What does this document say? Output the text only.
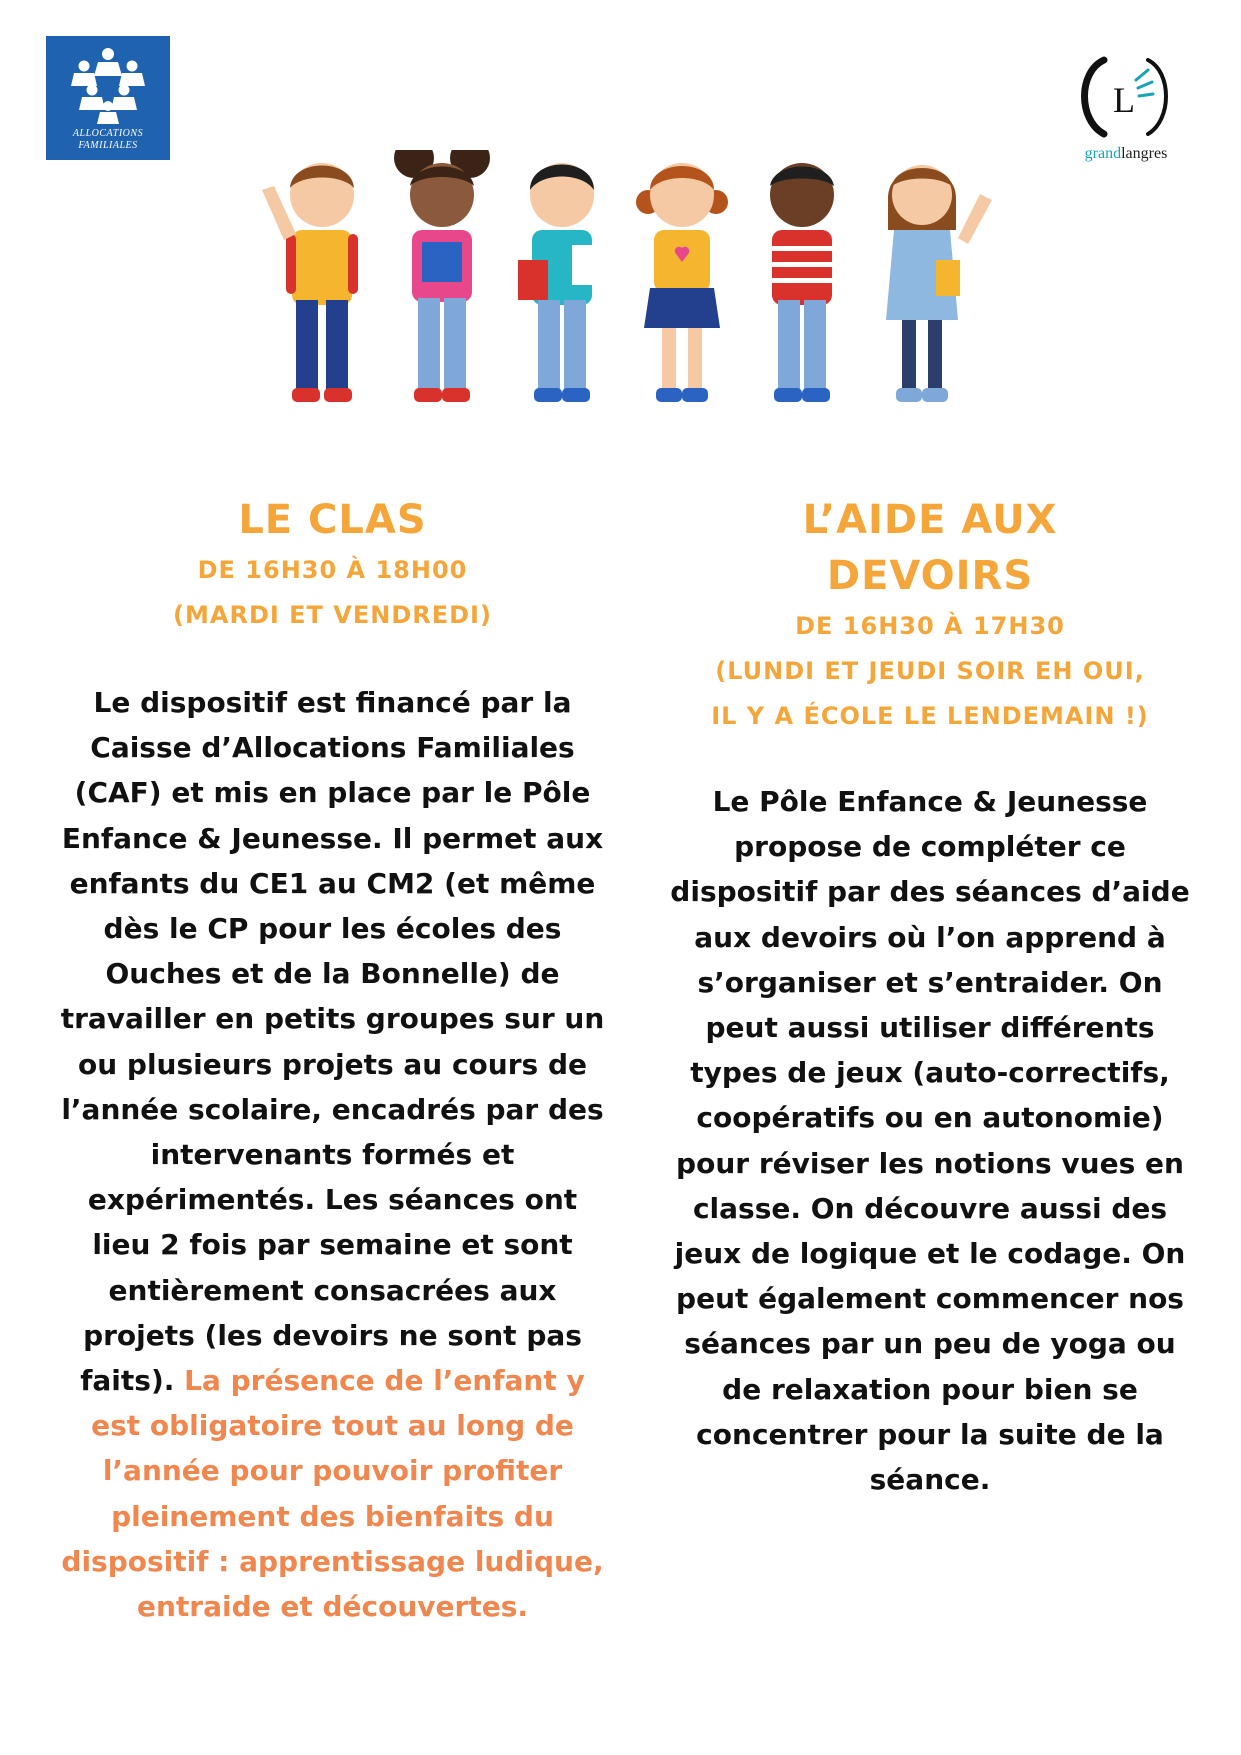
ALLOCATIONS
FAMILIALES
L
grandlangres
LE CLAS
DE 16H30 À 18H00
(MARDI ET VENDREDI)
Le dispositif est financé par la Caisse d’Allocations Familiales (CAF) et mis en place par le Pôle Enfance & Jeunesse. Il permet aux enfants du CE1 au CM2 (et même dès le CP pour les écoles des Ouches et de la Bonnelle) de travailler en petits groupes sur un ou plusieurs projets au cours de l’année scolaire, encadrés par des intervenants formés et expérimentés. Les séances ont lieu 2 fois par semaine et sont entièrement consacrées aux projets (les devoirs ne sont pas faits). La présence de l’enfant y est obligatoire tout au long de l’année pour pouvoir profiter pleinement des bienfaits du dispositif : apprentissage ludique, entraide et découvertes.
L’AIDE AUX
DEVOIRS
DE 16H30 À 17H30
(LUNDI ET JEUDI SOIR EH OUI,
IL Y A ÉCOLE LE LENDEMAIN !)
Le Pôle Enfance & Jeunesse propose de compléter ce dispositif par des séances d’aide aux devoirs où l’on apprend à s’organiser et s’entraider. On peut aussi utiliser différents types de jeux (auto-correctifs, coopératifs ou en autonomie) pour réviser les notions vues en classe. On découvre aussi des jeux de logique et le codage. On peut également commencer nos séances par un peu de yoga ou de relaxation pour bien se concentrer pour la suite de la séance.
